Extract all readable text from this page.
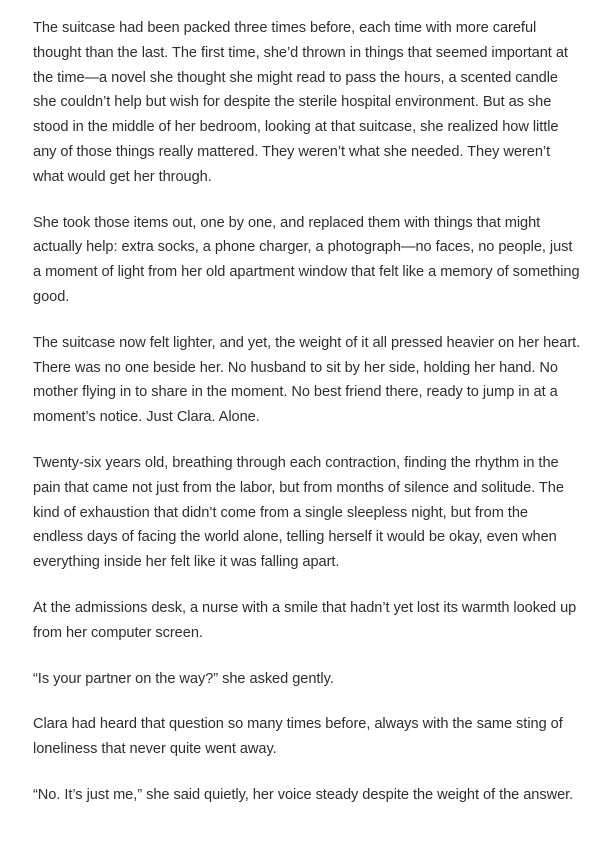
The suitcase had been packed three times before, each time with more careful thought than the last. The first time, she’d thrown in things that seemed important at the time—a novel she thought she might read to pass the hours, a scented candle she couldn’t help but wish for despite the sterile hospital environment. But as she stood in the middle of her bedroom, looking at that suitcase, she realized how little any of those things really mattered. They weren’t what she needed. They weren’t what would get her through.

She took those items out, one by one, and replaced them with things that might actually help: extra socks, a phone charger, a photograph—no faces, no people, just a moment of light from her old apartment window that felt like a memory of something good.

The suitcase now felt lighter, and yet, the weight of it all pressed heavier on her heart. There was no one beside her. No husband to sit by her side, holding her hand. No mother flying in to share in the moment. No best friend there, ready to jump in at a moment’s notice. Just Clara. Alone.

Twenty-six years old, breathing through each contraction, finding the rhythm in the pain that came not just from the labor, but from months of silence and solitude. The kind of exhaustion that didn’t come from a single sleepless night, but from the endless days of facing the world alone, telling herself it would be okay, even when everything inside her felt like it was falling apart.

At the admissions desk, a nurse with a smile that hadn’t yet lost its warmth looked up from her computer screen.

“Is your partner on the way?” she asked gently.

Clara had heard that question so many times before, always with the same sting of loneliness that never quite went away.

“No. It’s just me,” she said quietly, her voice steady despite the weight of the answer.
